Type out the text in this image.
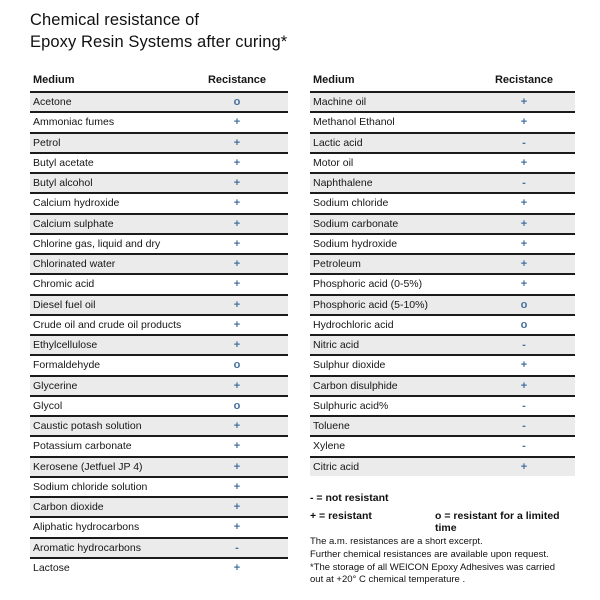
Chemical resistance of
Epoxy Resin Systems after curing*
Medium	Recistance
Acetone	o
Ammoniac fumes	+
Petrol	+
Butyl acetate	+
Butyl alcohol	+
Calcium hydroxide	+
Calcium sulphate	+
Chlorine gas, liquid and dry	+
Chlorinated water	+
Chromic acid	+
Diesel fuel oil	+
Crude oil and crude oil products	+
Ethylcellulose	+
Formaldehyde	o
Glycerine	+
Glycol	o
Caustic potash solution	+
Potassium carbonate	+
Kerosene (Jetfuel JP 4)	+
Sodium chloride solution	+
Carbon dioxide	+
Aliphatic hydrocarbons	+
Aromatic hydrocarbons	-
Lactose	+
Medium	Recistance
Machine oil	+
Methanol Ethanol	+
Lactic acid	-
Motor oil	+
Naphthalene	-
Sodium chloride	+
Sodium carbonate	+
Sodium hydroxide	+
Petroleum	+
Phosphoric acid (0-5%)	+
Phosphoric acid (5-10%)	o
Hydrochloric acid	o
Nitric acid	-
Sulphur dioxide	+
Carbon disulphide	+
Sulphuric acid%	-
Toluene	-
Xylene	-
Citric acid	+
- = not resistant
+ = resistant	o = resistant for a limited time
The a.m. resistances are a short excerpt.
Further chemical resistances are available upon request.
*The storage of all WEICON Epoxy Adhesives was carried
out at +20° C chemical temperature .
